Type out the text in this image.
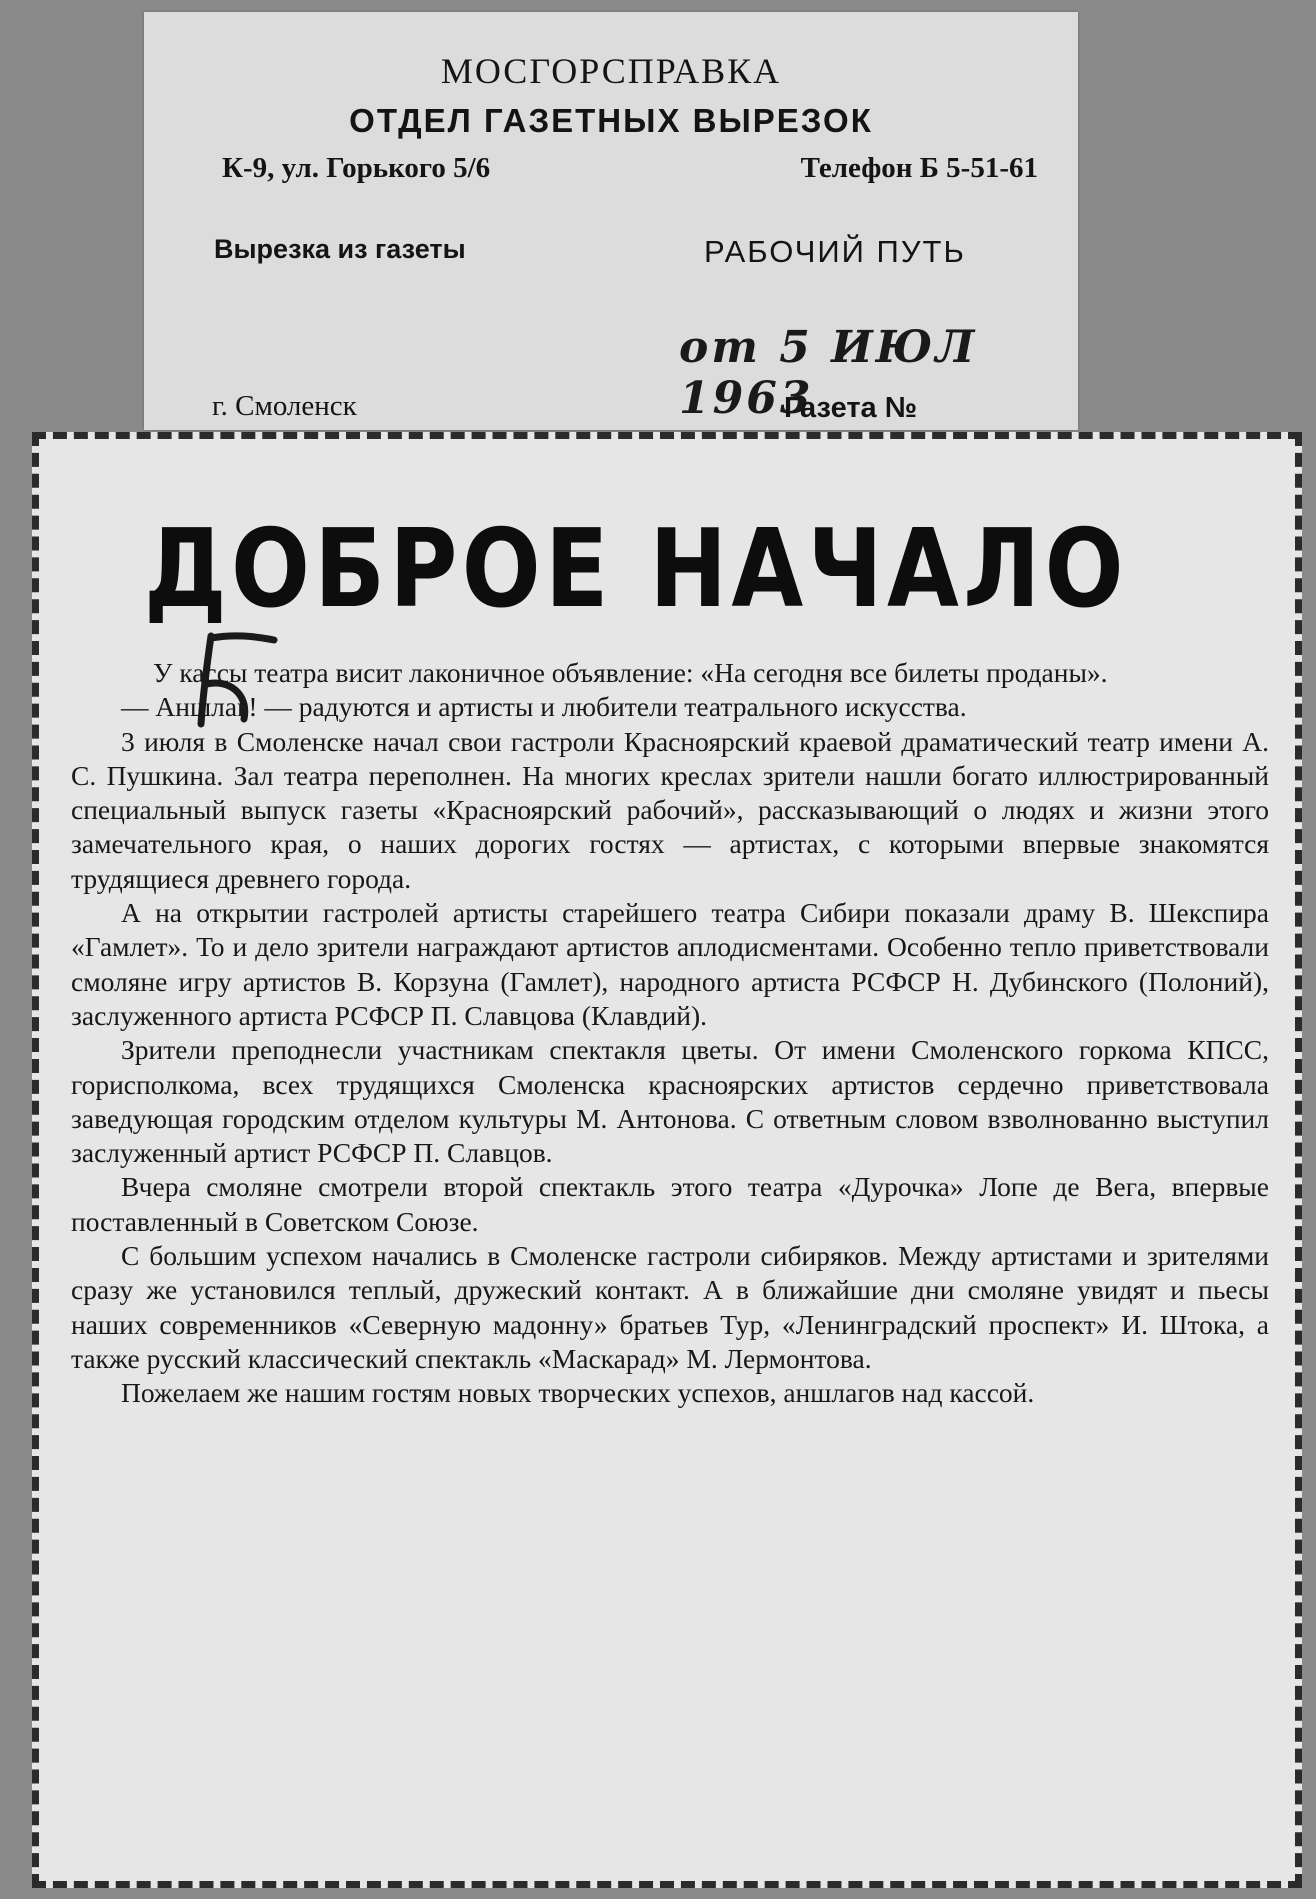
МОСГОРСПРАВКА
ОТДЕЛ ГАЗЕТНЫХ ВЫРЕЗОК
К-9, ул. Горького 5/6	Телефон Б 5-51-61
Вырезка из газеты	РАБОЧИЙ ПУТЬ
от 5 ИЮЛ 1963
г. Смоленск	Газета №
ДОБРОЕ НАЧАЛО

У кассы театра висит лаконичное объявление: «На сегодня все билеты проданы».

— Аншлаг! — радуются и артисты и любители театрального искусства.

3 июля в Смоленске начал свои гастроли Красноярский краевой драматический театр имени А. С. Пушкина. Зал театра переполнен. На многих креслах зрители нашли богато иллюстрированный специальный выпуск газеты «Красноярский рабочий», рассказывающий о людях и жизни этого замечательного края, о наших дорогих гостях — артистах, с которыми впервые знакомятся трудящиеся древнего города.

А на открытии гастролей артисты старейшего театра Сибири показали драму В. Шекспира «Гамлет». То и дело зрители награждают артистов аплодисментами. Особенно тепло приветствовали смоляне игру артистов В. Корзуна (Гамлет), народного артиста РСФСР Н. Дубинского (Полоний), заслуженного артиста РСФСР П. Славцова (Клавдий).

Зрители преподнесли участникам спектакля цветы. От имени Смоленского горкома КПСС, горисполкома, всех трудящихся Смоленска красноярских артистов сердечно приветствовала заведующая городским отделом культуры М. Антонова. С ответным словом взволнованно выступил заслуженный артист РСФСР П. Славцов.

Вчера смоляне смотрели второй спектакль этого театра «Дурочка» Лопе де Вега, впервые поставленный в Советском Союзе.

С большим успехом начались в Смоленске гастроли сибиряков. Между артистами и зрителями сразу же установился теплый, дружеский контакт. А в ближайшие дни смоляне увидят и пьесы наших современников «Северную мадонну» братьев Тур, «Ленинградский проспект» И. Штока, а также русский классический спектакль «Маскарад» М. Лермонтова.

Пожелаем же нашим гостям новых творческих успехов, аншлагов над кассой.
